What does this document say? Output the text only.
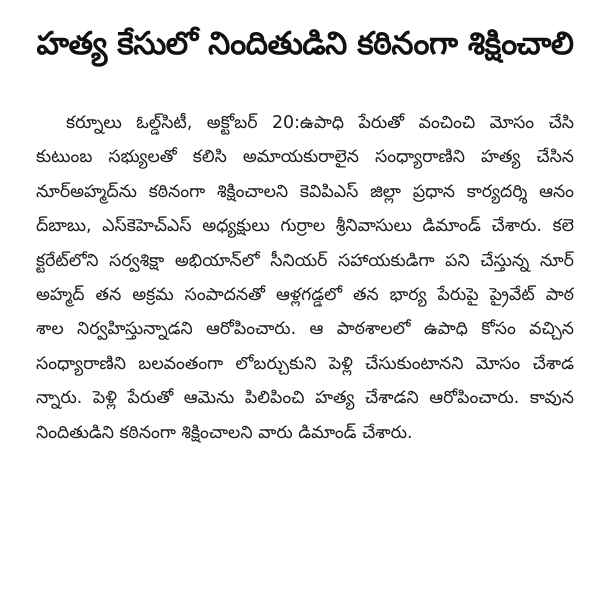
హత్య కేసులో నిందితుడిని కఠినంగా శిక్షించాలి
కర్నూలు ఓల్డ్‌సిటీ, అక్టోబర్ 20:ఉపాధి పేరుతో వంచించి మోసం చేసి
కుటుంబ సభ్యులతో కలిసి అమాయకురాలైన సంధ్యారాణిని హత్య చేసిన
నూర్‌అహ్మద్‌ను కఠినంగా శిక్షించాలని కెవిపిఎస్ జిల్లా ప్రధాన కార్యదర్శి ఆనం
ద్‌బాబు, ఎస్‌కెహెచ్‌ఎస్ అధ్యక్షులు గుర్రాల శ్రీనివాసులు డిమాండ్ చేశారు. కలె
క్టరేట్‌లోని సర్వశిక్షా అభియాన్‌లో సీనియర్ సహాయకుడిగా పని చేస్తున్న నూర్
అహ్మద్ తన అక్రమ సంపాదనతో ఆళ్లగడ్డలో తన భార్య పేరుపై ప్రైవేట్ పాఠ
శాల నిర్వహిస్తున్నాడని ఆరోపించారు. ఆ పాఠశాలలో ఉపాధి కోసం వచ్చిన
సంధ్యారాణిని బలవంతంగా లోబర్చుకుని పెళ్లి చేసుకుంటానని మోసం చేశాడ
న్నారు. పెళ్లి పేరుతో ఆమెను పిలిపించి హత్య చేశాడని ఆరోపించారు. కావున
నిందితుడిని కఠినంగా శిక్షించాలని వారు డిమాండ్ చేశారు.
